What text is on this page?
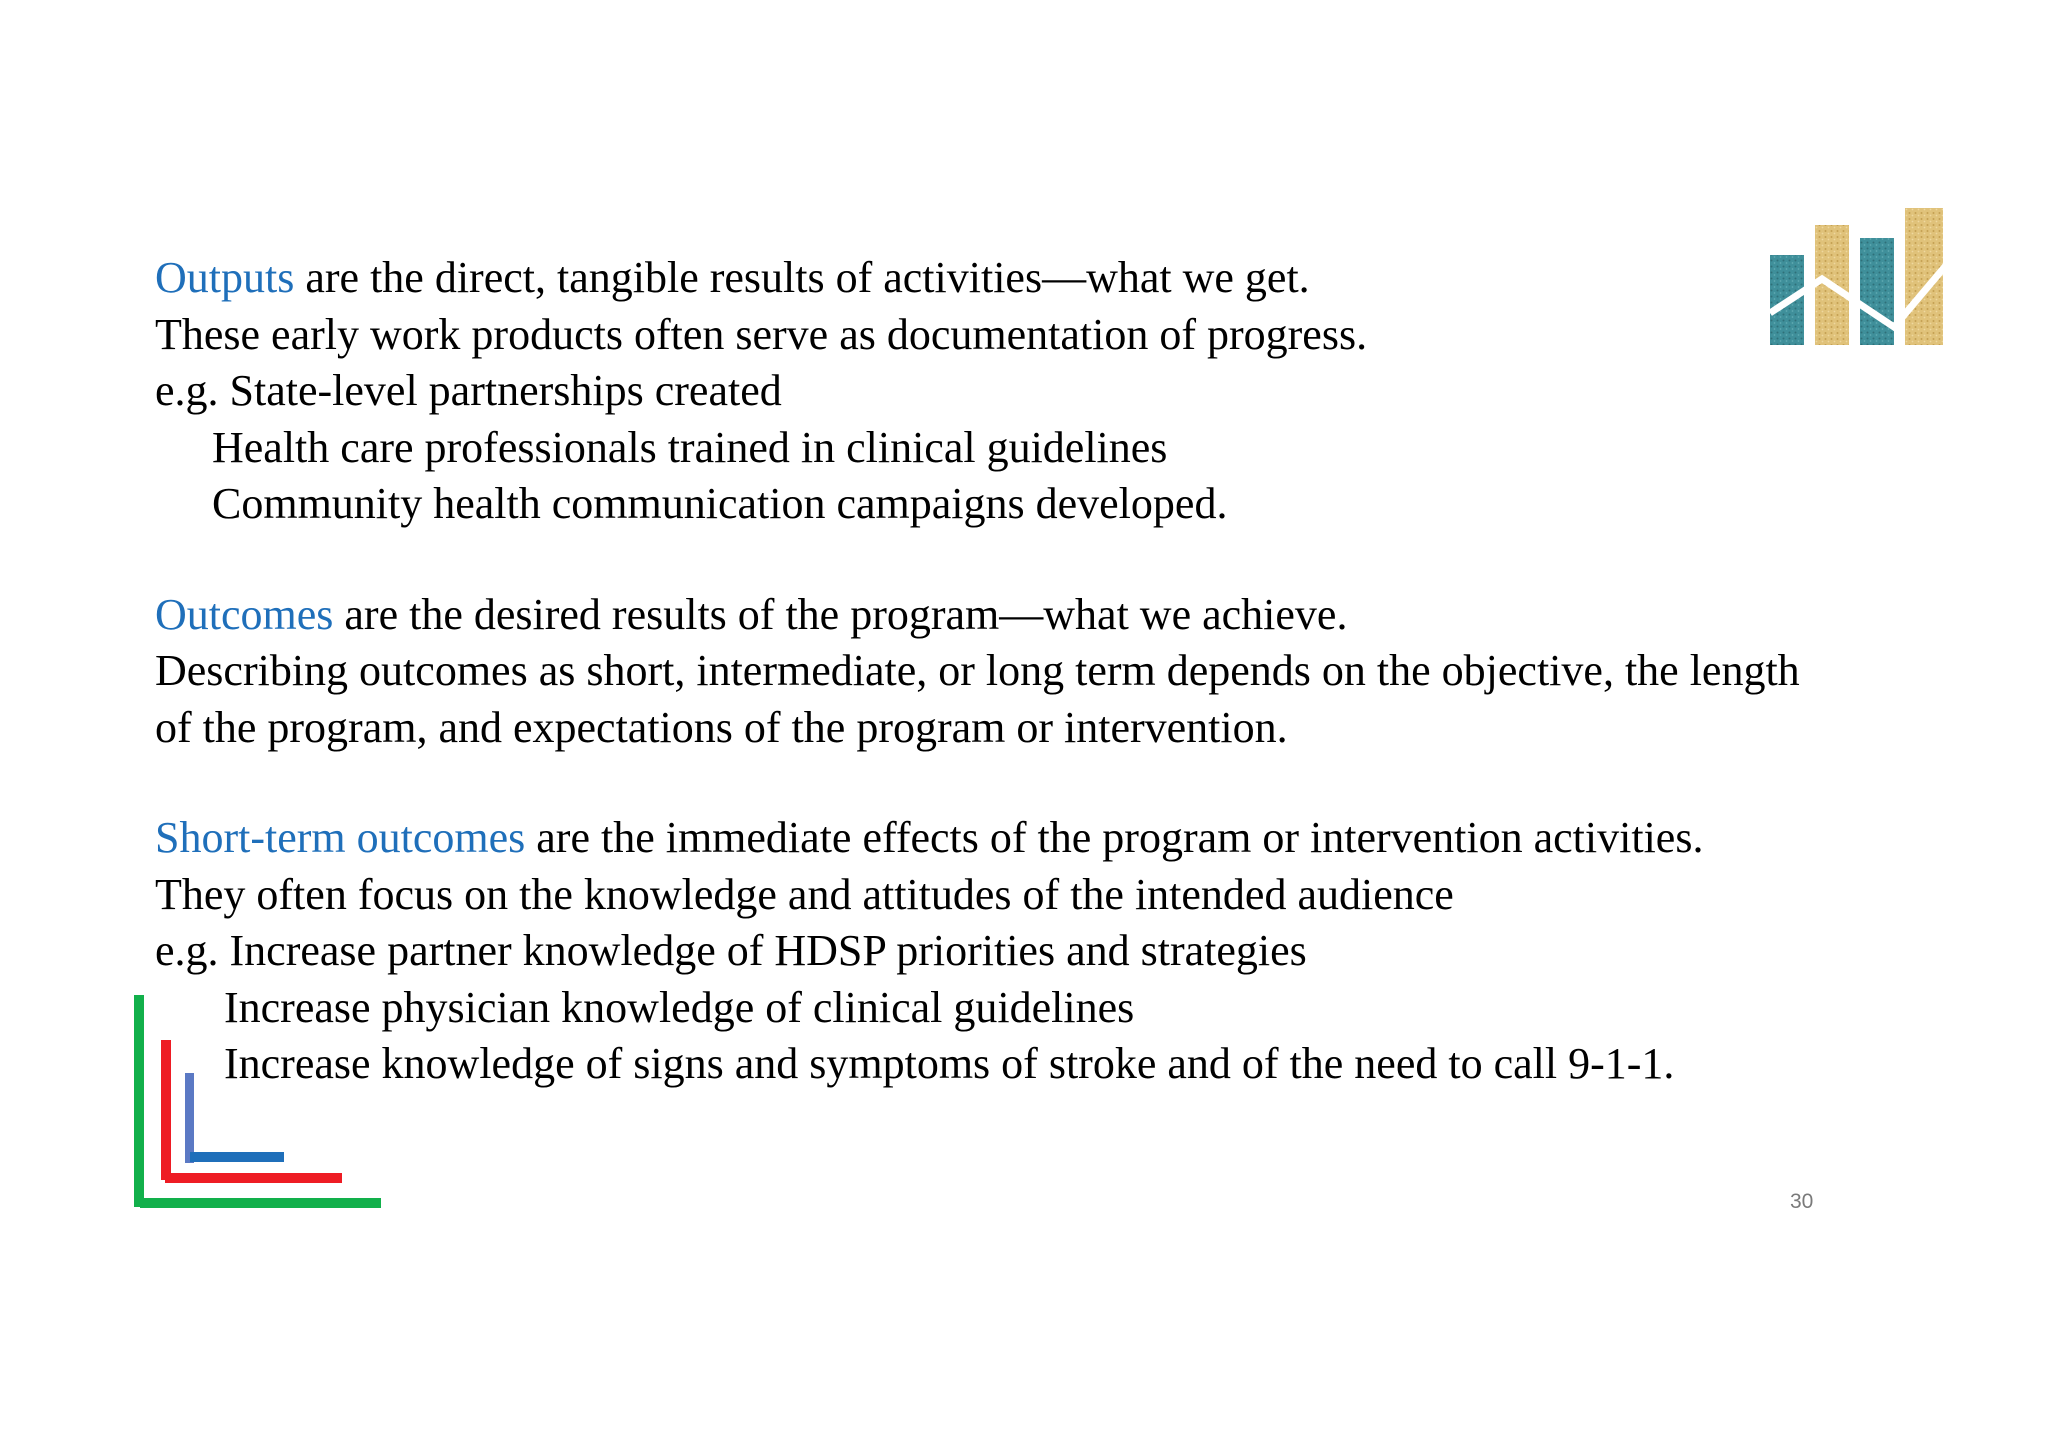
Outputs are the direct, tangible results of activities—what we get.
These early work products often serve as documentation of progress.
e.g. State-level partnerships created
Health care professionals trained in clinical guidelines
Community health communication campaigns developed.
Outcomes are the desired results of the program—what we achieve.
Describing outcomes as short, intermediate, or long term depends on the objective, the length
of the program, and expectations of the program or intervention.
Short-term outcomes are the immediate effects of the program or intervention activities.
They often focus on the knowledge and attitudes of the intended audience
e.g. Increase partner knowledge of HDSP priorities and strategies
Increase physician knowledge of clinical guidelines
Increase knowledge of signs and symptoms of stroke and of the need to call 9-1-1.
30
